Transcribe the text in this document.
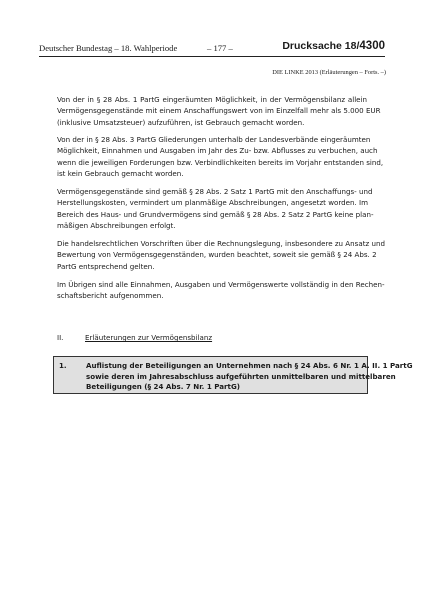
Deutscher Bundestag – 18. Wahlperiode	– 177 –	Drucksache 18/4300
DIE LINKE 2013 (Erläuterungen – Forts. –)

Von der in § 28 Abs. 1 PartG eingeräumten Möglichkeit, in der Vermögensbilanz allein
Vermögensgegenstände mit einem Anschaffungswert von im Einzelfall mehr als 5.000 EUR
(inklusive Umsatzsteuer) aufzuführen, ist Gebrauch gemacht worden.

Von der in § 28 Abs. 3 PartG Gliederungen unterhalb der Landesverbände eingeräumten
Möglichkeit, Einnahmen und Ausgaben im Jahr des Zu- bzw. Abflusses zu verbuchen, auch
wenn die jeweiligen Forderungen bzw. Verbindlichkeiten bereits im Vorjahr entstanden sind,
ist kein Gebrauch gemacht worden.

Vermögensgegenstände sind gemäß § 28 Abs. 2 Satz 1 PartG mit den Anschaffungs- und
Herstellungskosten, vermindert um planmäßige Abschreibungen, angesetzt worden. Im
Bereich des Haus- und Grundvermögens sind gemäß § 28 Abs. 2 Satz 2 PartG keine plan-
mäßigen Abschreibungen erfolgt.

Die handelsrechtlichen Vorschriften über die Rechnungslegung, insbesondere zu Ansatz und
Bewertung von Vermögensgegenständen, wurden beachtet, soweit sie gemäß § 24 Abs. 2
PartG entsprechend gelten.

Im Übrigen sind alle Einnahmen, Ausgaben und Vermögenswerte vollständig in den Rechen-
schaftsbericht aufgenommen.

II.	Erläuterungen zur Vermögensbilanz
1.	Auflistung der Beteiligungen an Unternehmen nach § 24 Abs. 6 Nr. 1 A. II. 1 PartG
sowie deren im Jahresabschluss aufgeführten unmittelbaren und mittelbaren
Beteiligungen (§ 24 Abs. 7 Nr. 1 PartG)
